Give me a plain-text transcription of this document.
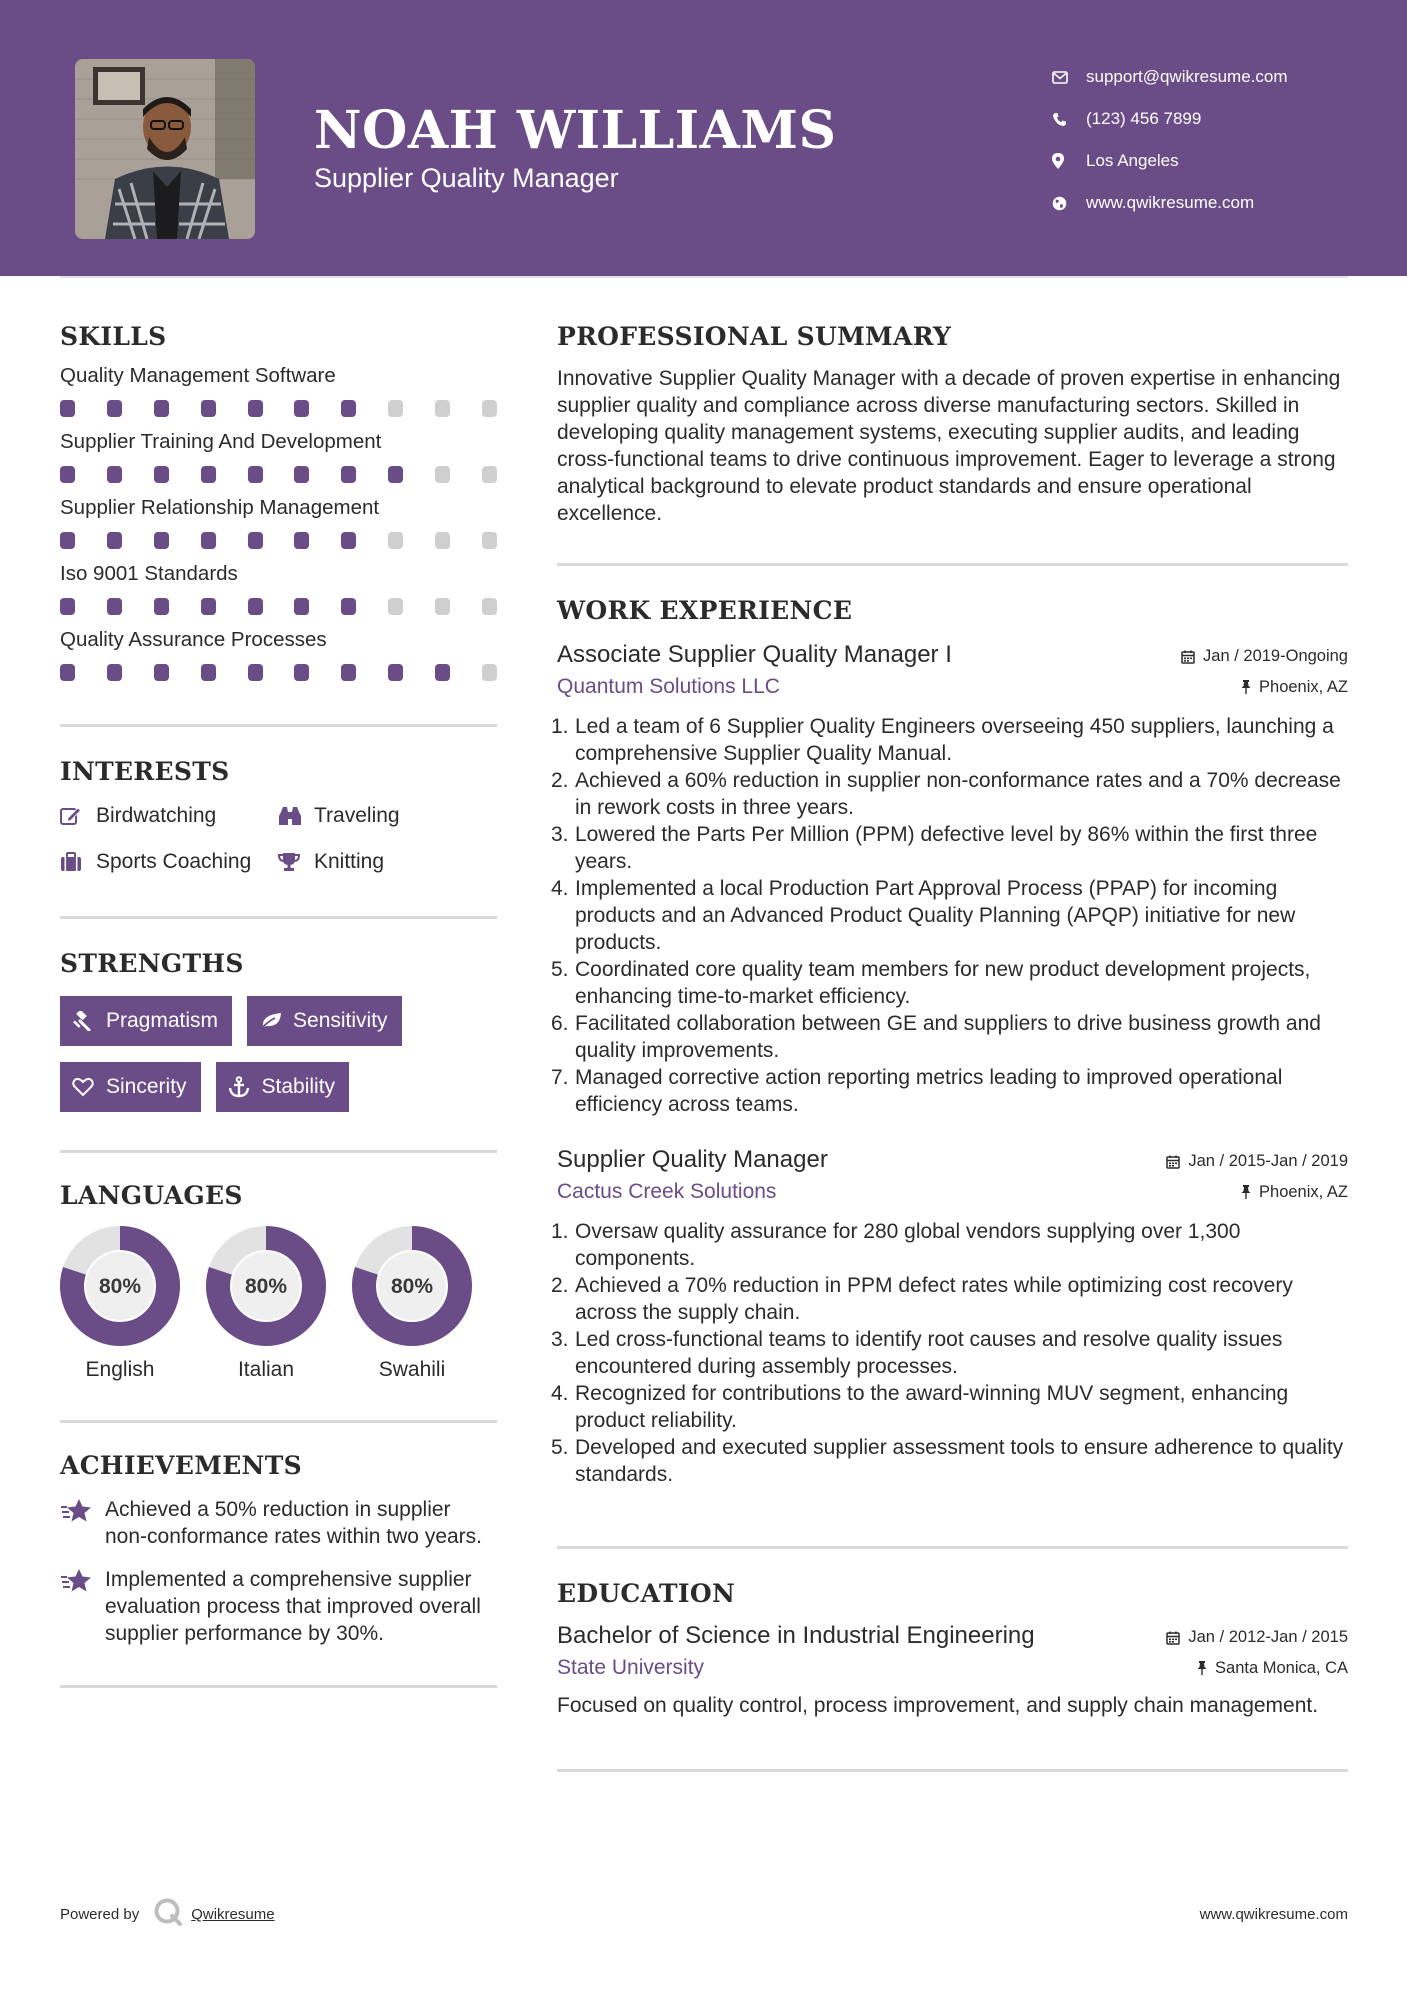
NOAH WILLIAMS
Supplier Quality Manager
support@qwikresume.com
(123) 456 7899
Los Angeles
www.qwikresume.com
SKILLS
Quality Management Software
Supplier Training And Development
Supplier Relationship Management
Iso 9001 Standards
Quality Assurance Processes
INTERESTS
Birdwatching	Traveling
Sports Coaching	Knitting
STRENGTHS
Pragmatism	Sensitivity
Sincerity	Stability
LANGUAGES
80%
English
80%
Italian
80%
Swahili
ACHIEVEMENTS
Achieved a 50% reduction in supplier non-conformance rates within two years.
Implemented a comprehensive supplier evaluation process that improved overall supplier performance by 30%.
PROFESSIONAL SUMMARY
Innovative Supplier Quality Manager with a decade of proven expertise in enhancing supplier quality and compliance across diverse manufacturing sectors. Skilled in developing quality management systems, executing supplier audits, and leading cross-functional teams to drive continuous improvement. Eager to leverage a strong analytical background to elevate product standards and ensure operational excellence.
WORK EXPERIENCE
Associate Supplier Quality Manager I	Jan / 2019-Ongoing
Quantum Solutions LLC	Phoenix, AZ
1. Led a team of 6 Supplier Quality Engineers overseeing 450 suppliers, launching a comprehensive Supplier Quality Manual.
2. Achieved a 60% reduction in supplier non-conformance rates and a 70% decrease in rework costs in three years.
3. Lowered the Parts Per Million (PPM) defective level by 86% within the first three years.
4. Implemented a local Production Part Approval Process (PPAP) for incoming products and an Advanced Product Quality Planning (APQP) initiative for new products.
5. Coordinated core quality team members for new product development projects, enhancing time-to-market efficiency.
6. Facilitated collaboration between GE and suppliers to drive business growth and quality improvements.
7. Managed corrective action reporting metrics leading to improved operational efficiency across teams.
Supplier Quality Manager	Jan / 2015-Jan / 2019
Cactus Creek Solutions	Phoenix, AZ
1. Oversaw quality assurance for 280 global vendors supplying over 1,300 components.
2. Achieved a 70% reduction in PPM defect rates while optimizing cost recovery across the supply chain.
3. Led cross-functional teams to identify root causes and resolve quality issues encountered during assembly processes.
4. Recognized for contributions to the award-winning MUV segment, enhancing product reliability.
5. Developed and executed supplier assessment tools to ensure adherence to quality standards.
EDUCATION
Bachelor of Science in Industrial Engineering	Jan / 2012-Jan / 2015
State University	Santa Monica, CA
Focused on quality control, process improvement, and supply chain management.
Powered by	Qwikresume	www.qwikresume.com
